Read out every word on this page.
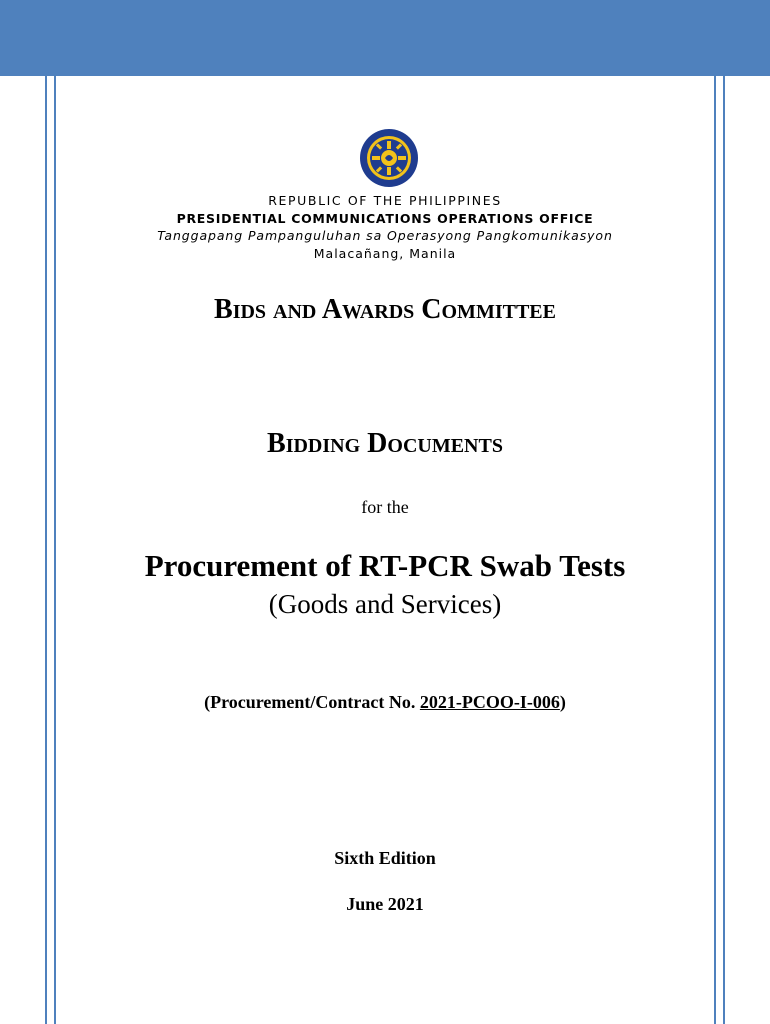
REPUBLIC OF THE PHILIPPINES
PRESIDENTIAL COMMUNICATIONS OPERATIONS OFFICE
Tanggapang Pampanguluhan sa Operasyong Pangkomunikasyon
Malacañang, Manila
Bids and Awards Committee
Bidding Documents
for the
Procurement of RT-PCR Swab Tests
(Goods and Services)
(Procurement/Contract No. 2021-PCOO-I-006)
Sixth Edition
June 2021
